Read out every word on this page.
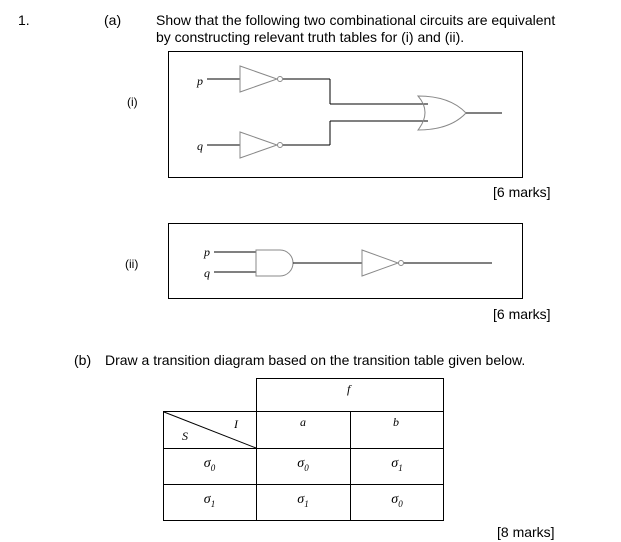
1.	(a) Show that the following two combinational circuits are equivalent
by constructing relevant truth tables for (i) and (ii).
(i)
p
q
[6 marks]
(ii)
p
q
[6 marks]
(b) Draw a transition diagram based on the transition table given below.
f
I
S
a	b
$\sigma_0$	$\sigma_0$	$\sigma_1$
$\sigma_1$	$\sigma_1$	$\sigma_0$
[8 marks]
